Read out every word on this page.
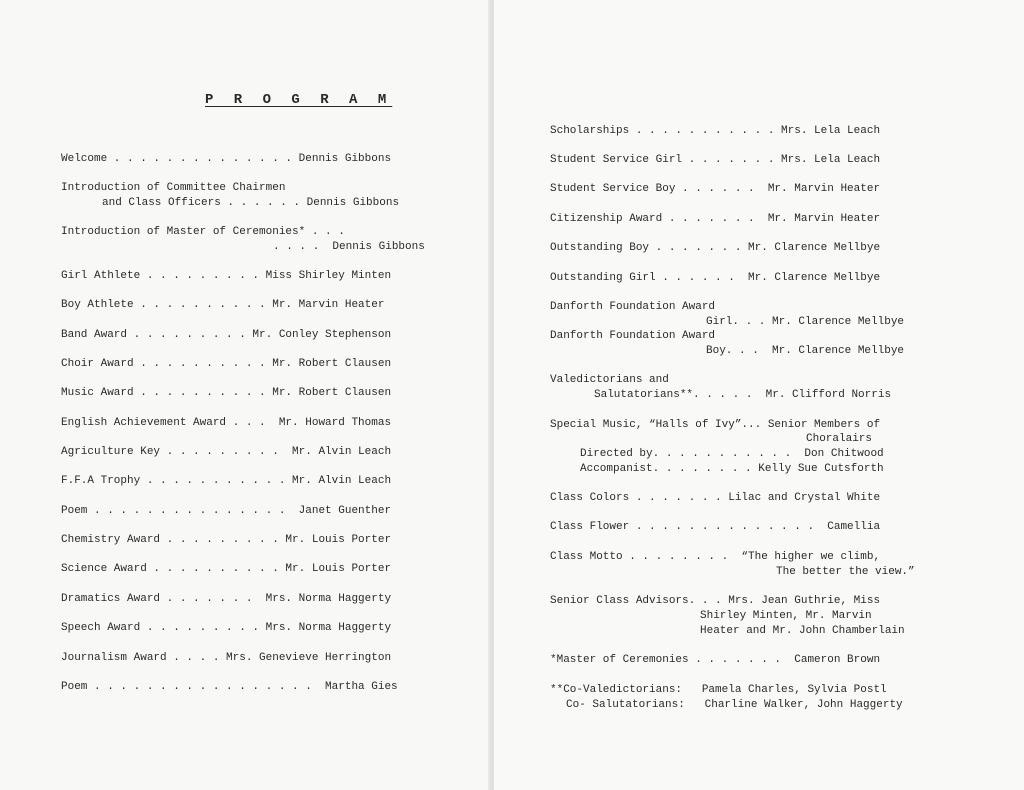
P R O G R A M
Welcome . . . . . . . . . . . . . . Dennis Gibbons
Introduction of Committee Chairmen
and Class Officers . . . . . . Dennis Gibbons
Introduction of Master of Ceremonies* . . .
. . . .  Dennis Gibbons
Girl Athlete . . . . . . . . . Miss Shirley Minten
Boy Athlete . . . . . . . . . . Mr. Marvin Heater
Band Award . . . . . . . . . Mr. Conley Stephenson
Choir Award . . . . . . . . . . Mr. Robert Clausen
Music Award . . . . . . . . . . Mr. Robert Clausen
English Achievement Award . . .  Mr. Howard Thomas
Agriculture Key . . . . . . . . .  Mr. Alvin Leach
F.F.A Trophy . . . . . . . . . . . Mr. Alvin Leach
Poem . . . . . . . . . . . . . . .  Janet Guenther
Chemistry Award . . . . . . . . . Mr. Louis Porter
Science Award . . . . . . . . . . Mr. Louis Porter
Dramatics Award . . . . . . .  Mrs. Norma Haggerty
Speech Award . . . . . . . . . Mrs. Norma Haggerty
Journalism Award . . . . Mrs. Genevieve Herrington
Poem . . . . . . . . . . . . . . . . .  Martha Gies
Scholarships . . . . . . . . . . . Mrs. Lela Leach
Student Service Girl . . . . . . . Mrs. Lela Leach
Student Service Boy . . . . . .  Mr. Marvin Heater
Citizenship Award . . . . . . .  Mr. Marvin Heater
Outstanding Boy . . . . . . . Mr. Clarence Mellbye
Outstanding Girl . . . . . .  Mr. Clarence Mellbye
Danforth Foundation Award
Girl. . . Mr. Clarence Mellbye
Danforth Foundation Award
Boy. . .  Mr. Clarence Mellbye
Valedictorians and
Salutatorians**. . . . .  Mr. Clifford Norris
Special Music, “Halls of Ivy”... Senior Members of
Choralairs
Directed by. . . . . . . . . . .  Don Chitwood
Accompanist. . . . . . . . Kelly Sue Cutsforth
Class Colors . . . . . . . Lilac and Crystal White
Class Flower . . . . . . . . . . . . . .  Camellia
Class Motto . . . . . . . .  “The higher we climb,
The better the view.”
Senior Class Advisors. . . Mrs. Jean Guthrie, Miss
Shirley Minten, Mr. Marvin
Heater and Mr. John Chamberlain
*Master of Ceremonies . . . . . . .  Cameron Brown
**Co-Valedictorians:   Pamela Charles, Sylvia Postl
Co- Salutatorians:   Charline Walker, John Haggerty
